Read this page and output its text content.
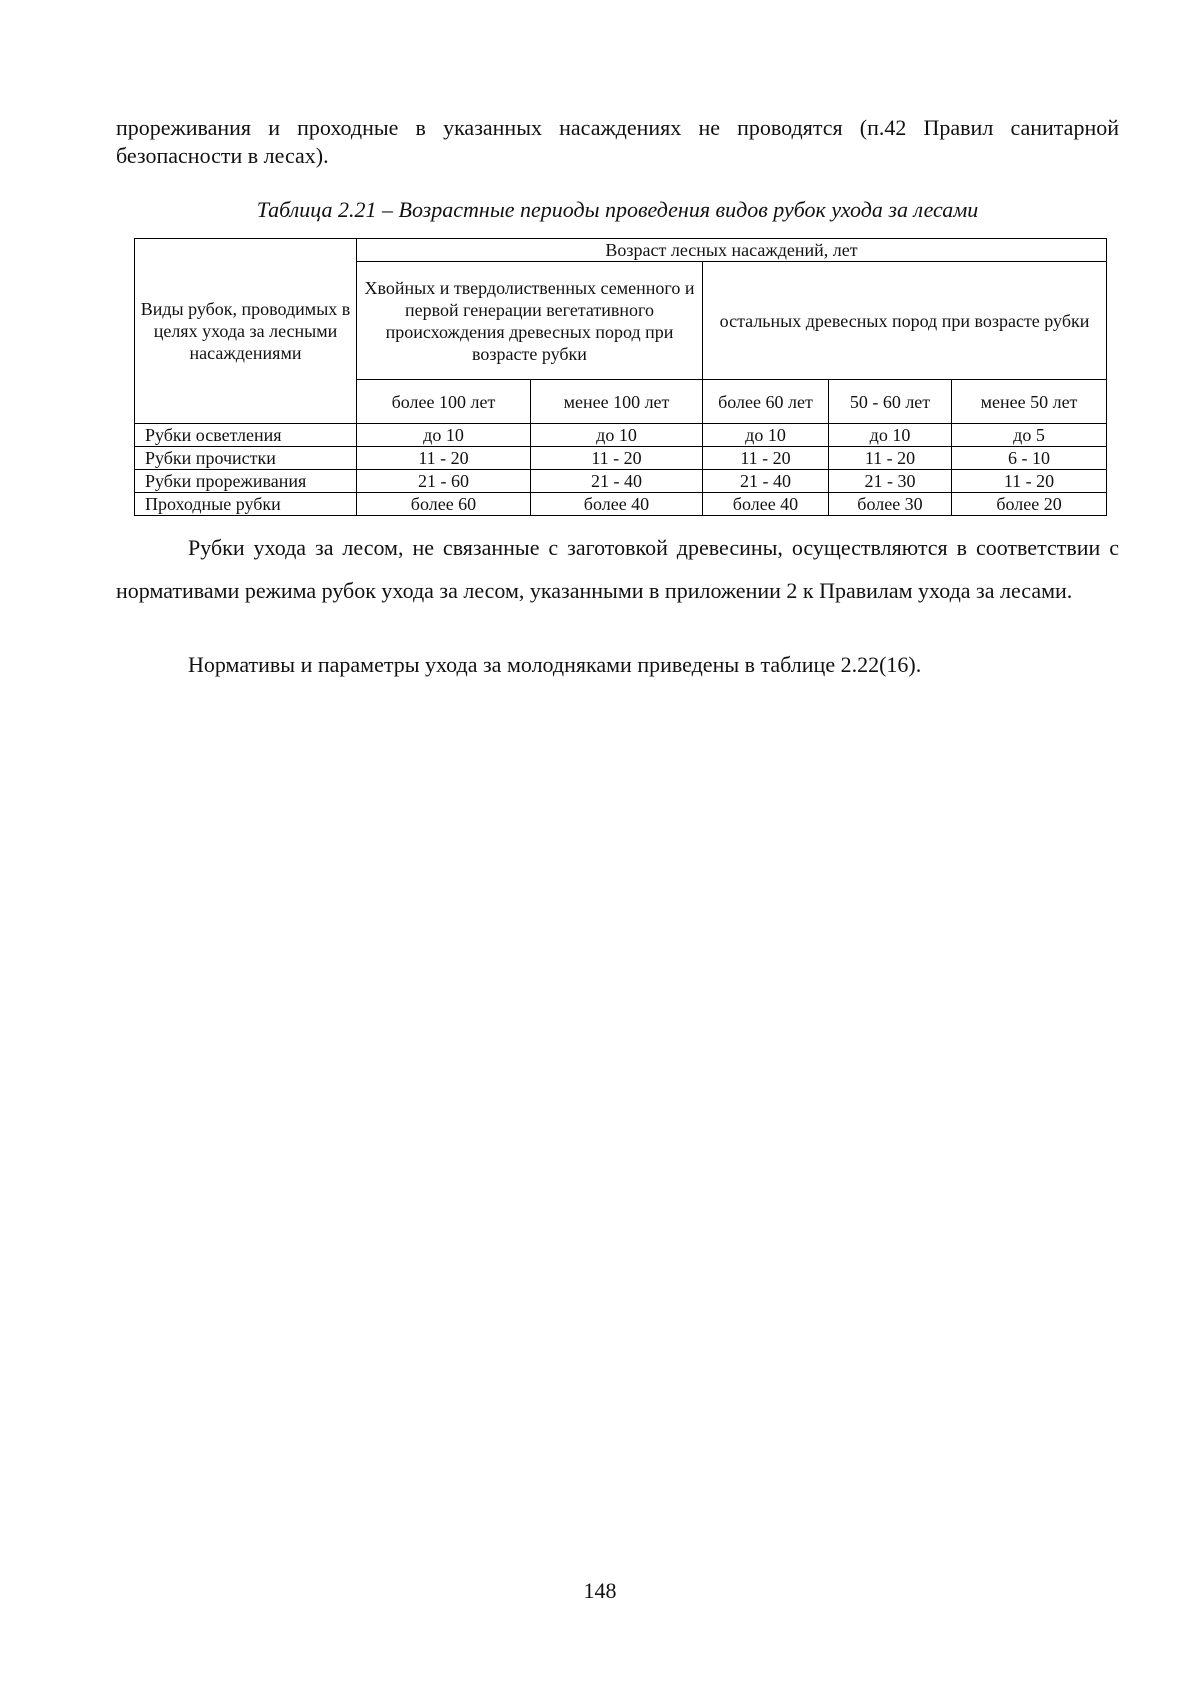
прореживания и проходные в указанных насаждениях не проводятся (п.42 Правил санитарной безопасности в лесах).
Таблица 2.21 – Возрастные периоды проведения видов рубок ухода за лесами
Виды рубок, проводимых в целях ухода за лесными насаждениями	Возраст лесных насаждений, лет				
	Хвойных и твердолиственных семенного и первой генерации вегетативного происхождения древесных пород при возрасте рубки		остальных древесных пород при возрасте рубки		
	более 100 лет	менее 100 лет	более 60 лет	50 - 60 лет	менее 50 лет
Рубки осветления	до 10	до 10	до 10	до 10	до 5
Рубки прочистки	11 - 20	11 - 20	11 - 20	11 - 20	6 - 10
Рубки прореживания	21 - 60	21 - 40	21 - 40	21 - 30	11 - 20
Проходные рубки	более 60	более 40	более 40	более 30	более 20
Рубки ухода за лесом, не связанные с заготовкой древесины, осуществляются в соответствии с нормативами режима рубок ухода за лесом, указанными в приложении 2 к Правилам ухода за лесами.
Нормативы и параметры ухода за молодняками приведены в таблице 2.22(16).
148
